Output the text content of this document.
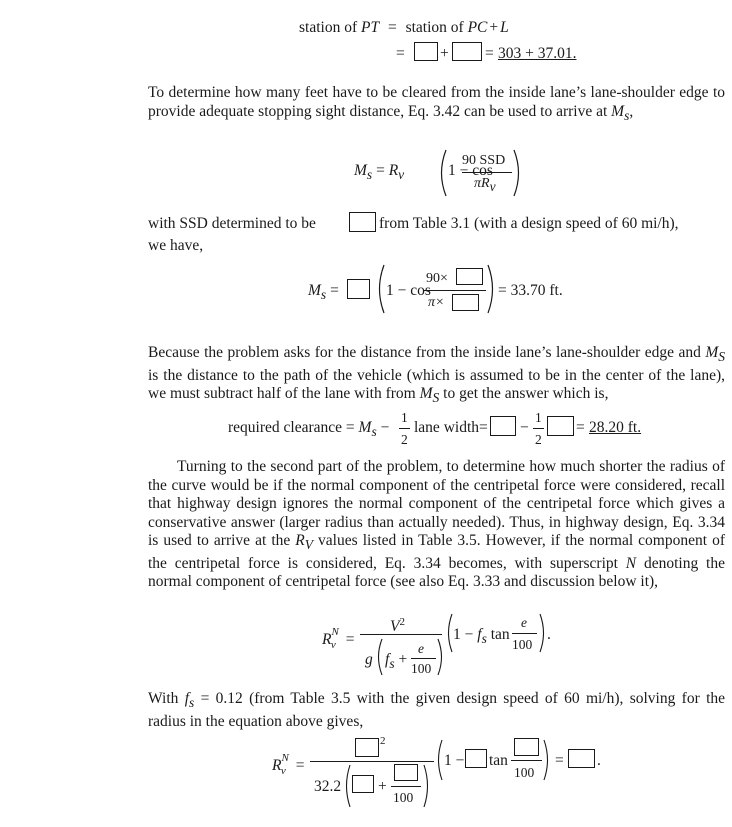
station of PT = station of PC + L
= + = 303 + 37.01.
To determine how many feet have to be cleared from the inside lane’s lane-shoulder edge to provide adequate stopping sight distance, Eq. 3.42 can be used to arrive at $M_s$,
$M_s = R_v$	1 − cos
90 SSD
$\pi R_v$
with SSD determined to be	from Table 3.1 (with a design speed of 60 mi/h),
we have,
$M_s$ =	1 − cos
90×
π×
= 33.70 ft.
Because the problem asks for the distance from the inside lane’s lane-shoulder edge and $M_S$ is the distance to the path of the vehicle (which is assumed to be in the center of the lane), we must subtract half of the lane with from $M_S$ to get the answer which is,
required clearance = $M_s$ −
1
2
lane width= −
1
2
= 28.20 ft.
Turning to the second part of the problem, to determine how much shorter the radius of the curve would be if the normal component of the centripetal force were considered, recall that highway design ignores the normal component of the centripetal force which gives a conservative answer (larger radius than actually needed). Thus, in highway design, Eq. 3.34 is used to arrive at the $R_V$ values listed in Table 3.5. However, if the normal component of the centripetal force is considered, Eq. 3.34 becomes, with superscript N denoting the normal component of centripetal force (see also Eq. 3.33 and discussion below it),
$R^N_v$ =
$V^2$
g $f_s$ +
e
100
$1 - f_s$ tan
e
100
.
With $f_s = 0.12$ (from Table 3.5 with the given design speed of 60 mi/h), solving for the radius in the equation above gives,
$R^N_v$ =
2
32.2 +
100
1 − tan
100
= .
